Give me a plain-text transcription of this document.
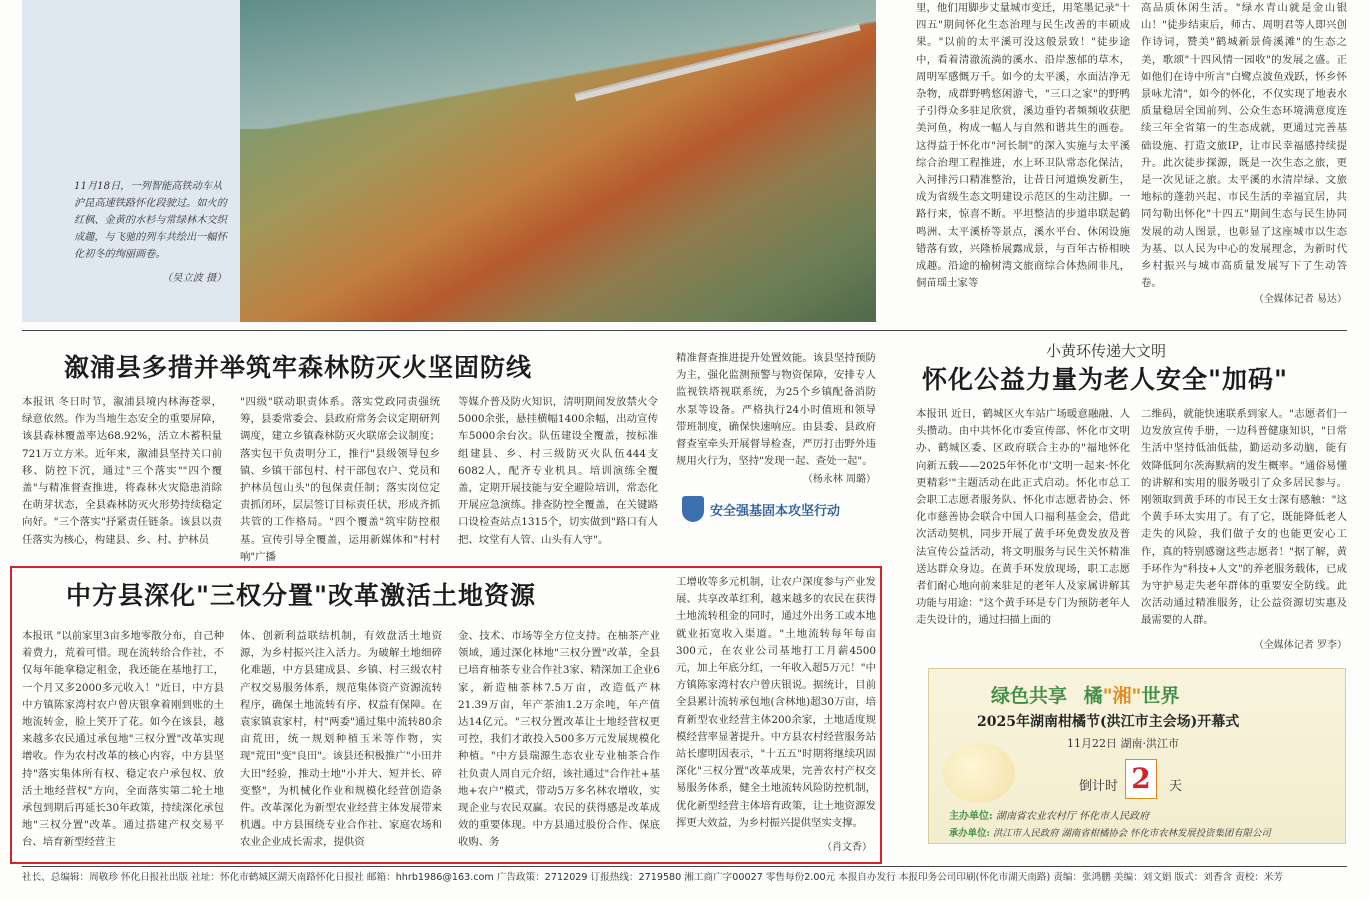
11月18日，一列智能高铁动车从沪昆高速铁路怀化段驶过。如火的红枫、金黄的水杉与常绿林木交织成趣，与飞驰的列车共绘出一幅怀化初冬的绚丽画卷。
（吴立波 摄）
里，他们用脚步丈量城市变迁，用笔墨记录"十四五"期间怀化生态治理与民生改善的丰硕成果。"以前的太平溪可没这般景致！"徒步途中，看着清澈流淌的溪水、沿岸葱郁的草木，周明军感慨万千。如今的太平溪，水面洁净无杂物，成群野鸭悠闲游弋，"三口之家"的野鸭子引得众多驻足欣赏，溪边垂钓者频频收获肥美河鱼，构成一幅人与自然和谐共生的画卷。这得益于怀化市"河长制"的深入实施与太平溪综合治理工程推进，水上环卫队常态化保洁，入河排污口精准整治，让昔日河道焕发新生，成为省级生态文明建设示范区的生动注脚。一路行来，惊喜不断。平坦整洁的步道串联起鹤鸣洲、太平溪桥等景点，溪水平台、休闲设施错落有致，兴隆桥展露成景，与百年古桥相映成趣。沿途的榆树湾文旅商综合体热闹非凡，侗苗瑶土家等
高品质休闲生活。"绿水青山就是金山银山！"徒步结束后，师古、周明君等人即兴创作诗词，赞美"鹤城新景倚溪滩"的生态之美，歌颂"十四风情一园收"的发展之盛。正如他们在诗中所言"白鹭点波鱼戏跃，怀乡怀景咏尤清"，如今的怀化，不仅实现了地表水质量稳居全国前列、公众生态环境满意度连续三年全省第一的生态成就，更通过完善基础设施、打造文旅IP，让市民幸福感持续提升。此次徒步探源，既是一次生态之旅，更是一次见证之旅。太平溪的水清岸绿、文旅地标的蓬勃兴起、市民生活的幸福宜居，共同勾勒出怀化"十四五"期间生态与民生协同发展的动人图景，也彰显了这座城市以生态为基、以人民为中心的发展理念，为新时代乡村振兴与城市高质量发展写下了生动答卷。
（全媒体记者 易达）
溆浦县多措并举筑牢森林防灭火坚固防线
本报讯 冬日时节，溆浦县境内林海苍翠，绿意依然。作为当地生态安全的重要屏障，该县森林覆盖率达68.92%，活立木蓄积量721万立方米。近年来，溆浦县坚持关口前移、防控下沉，通过"三个落实""四个覆盖"与精准督查推进，将森林火灾隐患消除在萌芽状态，全县森林防灭火形势持续稳定向好。"三个落实"抒紧责任链条。该县以责任落实为核心，构建县、乡、村、护林员
"四级"联动职责体系。落实党政同责强统筹，县委常委会、县政府常务会议定期研判调度，建立乡镇森林防灭火联席会议制度；落实包干负责明分工，推行"县级领导包乡镇、乡镇干部包村、村干部包农户、党员和护林员包山头"的包保责任制；落实岗位定责抓闭环，层层签订目标责任状，形成齐抓共管的工作格局。"四个覆盖"筑牢防控根基。宣传引导全覆盖，运用新媒体和"村村响"广播
等媒介普及防火知识，清明期间发放禁火令5000余张，悬挂横幅1400余幅，出动宣传车5000余台次。队伍建设全覆盖，按标准组建县、乡、村三级防灭火队伍444支6082人，配齐专业机具。培训演练全覆盖，定期开展技能与安全避险培训，常态化开展应急演练。排查防控全覆盖，在关键路口设检查站点1315个，切实做到"路口有人把、坟堂有人管、山头有人守"。
精准督查推进提升处置效能。该县坚持预防为主，强化监测预警与物资保障，安排专人监视铁塔视联系统，为25个乡镇配备消防水泵等设备。严格执行24小时值班和领导带班制度，确保快速响应。由县委、县政府督查室牵头开展督导检查，严厉打击野外违规用火行为，坚持"发现一起、查处一起"。
（杨永林 周璐）
安全强基固本攻坚行动
中方县深化"三权分置"改革激活土地资源
本报讯 "以前家里3亩多地零散分布，自己种着费力，荒着可惜。现在流转给合作社，不仅每年能拿稳定租金，我还能在基地打工，一个月又多2000多元收入！"近日，中方县中方镇陈家湾村农户曾庆银拿着刚到账的土地流转金，脸上笑开了花。如今在该县，越来越多农民通过承包地"三权分置"改革实现增收。作为农村改革的核心内容，中方县坚持"落实集体所有权、稳定农户承包权、放活土地经营权"方向，全面落实第二轮土地承包到期后再延长30年政策，持续深化承包地"三权分置"改革。通过搭建产权交易平台、培育新型经营主
体、创新利益联结机制，有效盘活土地资源，为乡村振兴注入活力。为破解土地细碎化难题，中方县建成县、乡镇、村三级农村产权交易服务体系，规范集体资产资源流转程序，确保土地流转有序、权益有保障。在袁家镇袁家村，村"两委"通过集中流转80余亩荒田，统一规划种植玉米等作物，实现"荒田"变"良田"。该县还积极推广"小田并大田"经验，推动土地"小并大、短并长、碎变整"，为机械化作业和规模化经营创造条件。改革深化为新型农业经营主体发展带来机遇。中方县围绕专业合作社、家庭农场和农业企业成长需求，提供资
金、技术、市场等全方位支持。在柚茶产业领域，通过深化林地"三权分置"改革，全县已培育柚茶专业合作社3家、精深加工企业6家，新造柚茶林7.5万亩，改造低产林21.39万亩，年产茶油1.2万余吨，年产值达14亿元。"三权分置改革让土地经营权更可控，我们才敢投入500多万元发展规模化种植。"中方县瑞源生态农业专业柚茶合作社负责人周自元介绍，该社通过"合作社+基地+农户"模式，带动5万多名林农增收，实现企业与农民双赢。农民的获得感是改革成效的重要体现。中方县通过股份合作、保底收购、务
工增收等多元机制，让农户深度参与产业发展、共享改革红利，越来越多的农民在获得土地流转租金的同时，通过外出务工或本地就业拓宽收入渠道。"土地流转每年每亩300元，在农业公司基地打工月薪4500元，加上年底分红，一年收入超5万元！"中方镇陈家湾村农户曾庆银说。据统计，目前全县累计流转承包地(含林地)超30万亩，培育新型农业经营主体200余家，土地适度规模经营率显著提升。中方县农村经营服务站站长廖明因表示，"十五五"时期将继续巩固深化"三权分置"改革成果，完善农村产权交易服务体系，健全土地流转风险防控机制，优化新型经营主体培育政策，让土地资源发挥更大效益，为乡村振兴提供坚实支撑。
（肖文香）
小黄环传递大文明
怀化公益力量为老人安全"加码"
本报讯 近日，鹤城区火车站广场暖意融融、人头攒动。由中共怀化市委宣传部、怀化市文明办、鹤城区委、区政府联合主办的"福地怀化 向新五载——2025年怀化市'文明一起来·怀化更精彩'"主题活动在此正式启动。怀化市总工会职工志愿者服务队、怀化市志愿者协会、怀化市慈善协会联合中国人口福利基金会，借此次活动契机，同步开展了黄手环免费发放及普法宣传公益活动，将文明服务与民生关怀精准送达群众身边。在黄手环发放现场，职工志愿者们耐心地向前来驻足的老年人及家属讲解其功能与用途："这个黄手环是专门为预防老年人走失设计的，通过扫描上面的
二维码，就能快速联系到家人。"志愿者们一边发放宣传手册，一边科普健康知识，"日常生活中坚持低油低盐，勤运动多动脑，能有效降低阿尔茨海默病的发生概率。"通俗易懂的讲解和实用的服务吸引了众多居民参与。刚领取到黄手环的市民王女士深有感触："这个黄手环太实用了。有了它，既能降低老人走失的风险，我们做子女的也能更安心工作，真的特别感谢这些志愿者！"据了解，黄手环作为"科技+人文"的养老服务载体，已成为守护易走失老年群体的重要安全防线。此次活动通过精准服务，让公益资源切实惠及最需要的人群。
（全媒体记者 罗李）
绿色共享 橘"湘"世界
2025年湖南柑橘节(洪江市主会场)开幕式
11月22日 湖南·洪江市
倒计时 2	天
主办单位: 湖南省农业农村厅 怀化市人民政府
承办单位: 洪江市人民政府 湖南省柑橘协会 怀化市农林发展投资集团有限公司
社长、总编辑：周敬珍 怀化日报社出版 社址：怀化市鹤城区湖天南路怀化日报社 邮箱：hhrb1986@163.com 广告政策：2712029 订报热线：2719580 湘工商广字00027 零售每份2.00元 本报自办发行 本报印务公司印刷(怀化市湖天南路) 责编：张鸿鹏 美编：刘文娟 版式：刘香含 责校：米芳
